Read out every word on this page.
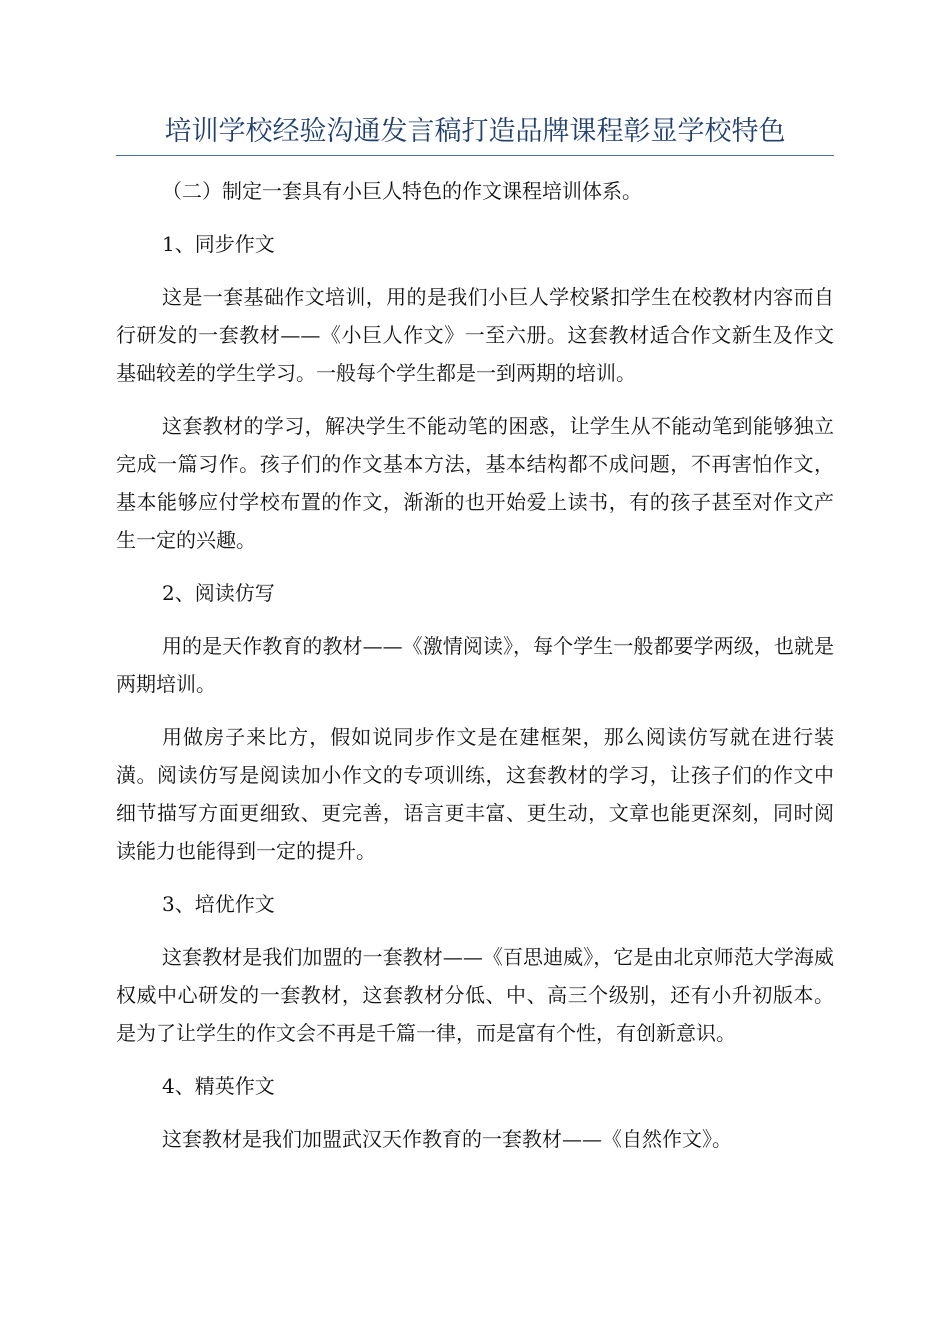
培训学校经验沟通发言稿打造品牌课程彰显学校特色

（二）制定一套具有小巨人特色的作文课程培训体系。

1、同步作文

这是一套基础作文培训，用的是我们小巨人学校紧扣学生在校教材内容而自行研发的一套教材——《小巨人作文》一至六册。这套教材适合作文新生及作文基础较差的学生学习。一般每个学生都是一到两期的培训。

这套教材的学习，解决学生不能动笔的困惑，让学生从不能动笔到能够独立完成一篇习作。孩子们的作文基本方法，基本结构都不成问题，不再害怕作文，基本能够应付学校布置的作文，渐渐的也开始爱上读书，有的孩子甚至对作文产生一定的兴趣。

2、阅读仿写

用的是天作教育的教材——《激情阅读》，每个学生一般都要学两级，也就是两期培训。

用做房子来比方，假如说同步作文是在建框架，那么阅读仿写就在进行装潢。阅读仿写是阅读加小作文的专项训练，这套教材的学习，让孩子们的作文中细节描写方面更细致、更完善，语言更丰富、更生动，文章也能更深刻，同时阅读能力也能得到一定的提升。

3、培优作文

这套教材是我们加盟的一套教材——《百思迪威》，它是由北京师范大学海威权威中心研发的一套教材，这套教材分低、中、高三个级别，还有小升初版本。是为了让学生的作文会不再是千篇一律，而是富有个性，有创新意识。

4、精英作文

这套教材是我们加盟武汉天作教育的一套教材——《自然作文》。
